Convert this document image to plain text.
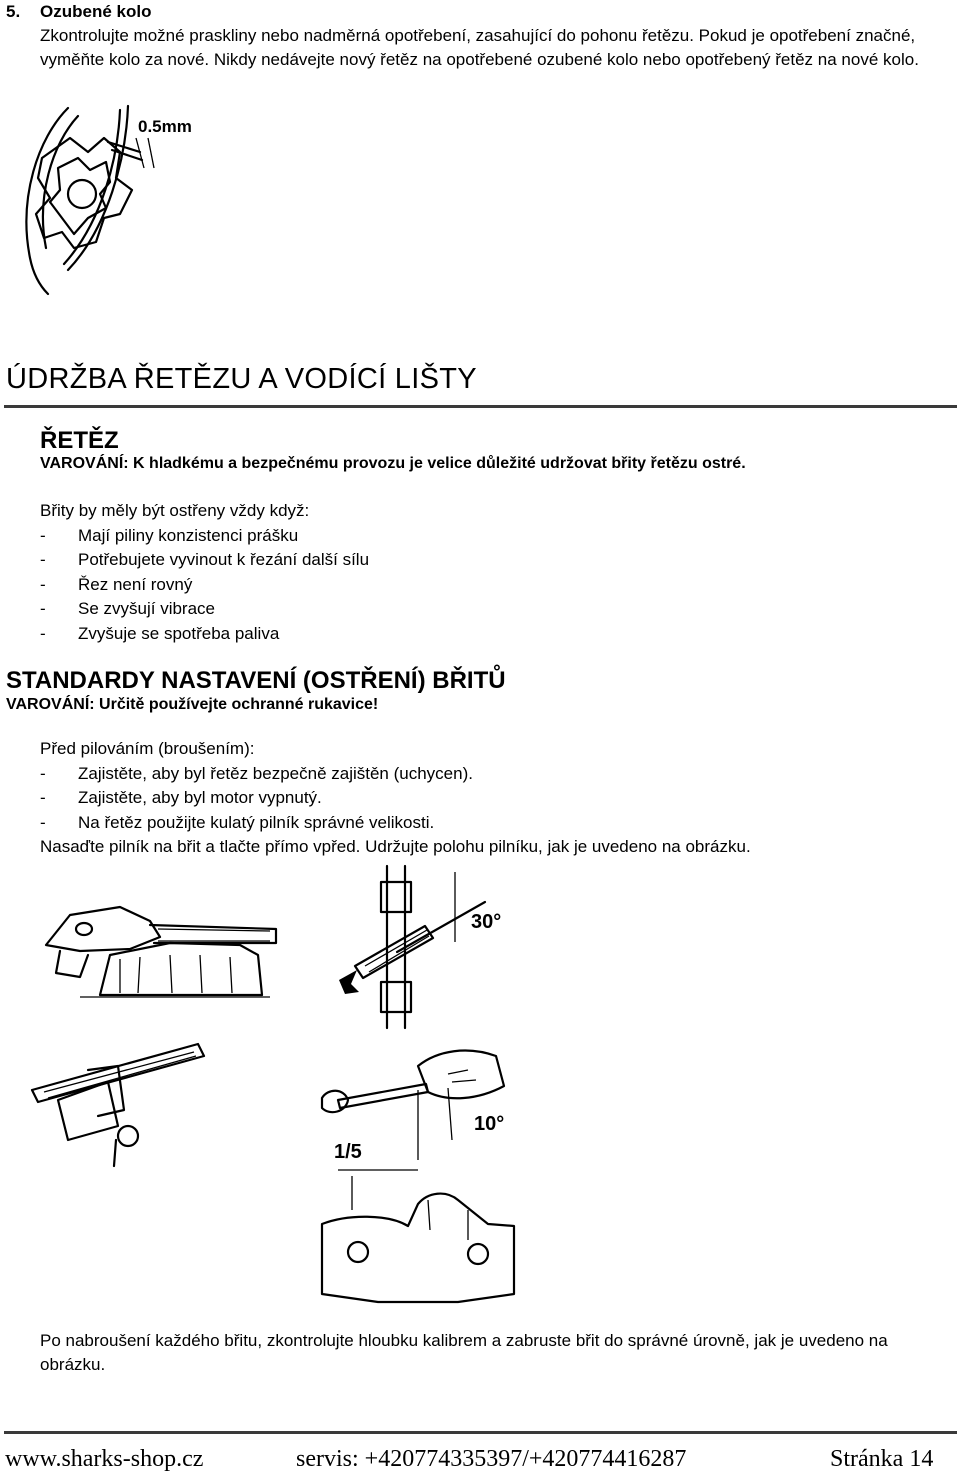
5. Ozubené kolo
Zkontrolujte možné praskliny nebo nadměrná opotřebení, zasahující do pohonu řetězu. Pokud je opotřebení značné, vyměňte kolo za nové. Nikdy nedávejte nový řetěz na opotřebené ozubené kolo nebo opotřebený řetěz na nové kolo.
0.5mm
ÚDRŽBA ŘETĚZU A VODÍCÍ LIŠTY
ŘETĚZ
VAROVÁNÍ: K hladkému a bezpečnému provozu je velice důležité udržovat břity řetězu ostré.
Břity by měly být ostřeny vždy když:
- Mají piliny konzistenci prášku
- Potřebujete vyvinout k řezání další sílu
- Řez není rovný
- Se zvyšují vibrace
- Zvyšuje se spotřeba paliva
STANDARDY NASTAVENÍ (OSTŘENÍ) BŘITŮ
VAROVÁNÍ: Určitě používejte ochranné rukavice!
Před pilováním (broušením):
- Zajistěte, aby byl řetěz bezpečně zajištěn (uchycen).
- Zajistěte, aby byl motor vypnutý.
- Na řetěz použijte kulatý pilník správné velikosti.
Nasaďte pilník na břit a tlačte přímo vpřed. Udržujte polohu pilníku, jak je uvedeno na obrázku.
30°
10°
1/5
Po nabroušení každého břitu, zkontrolujte hloubku kalibrem a zabruste břit do správné úrovně, jak je uvedeno na obrázku.
www.sharks-shop.cz	servis: +420774335397/+420774416287	Stránka 14
